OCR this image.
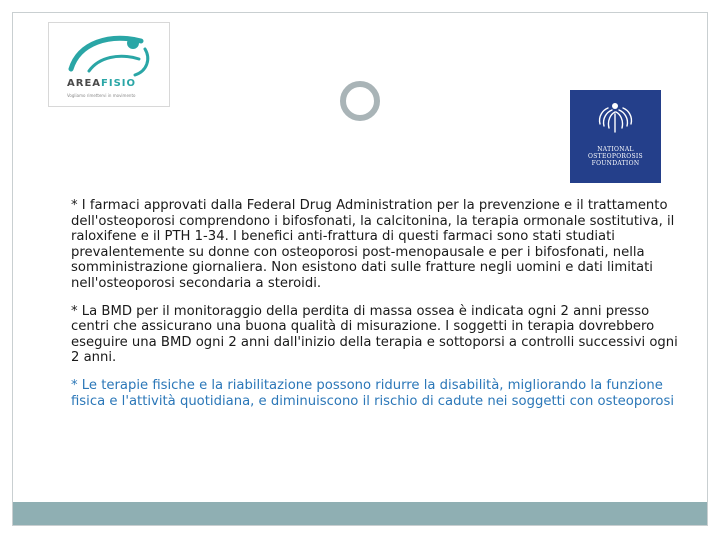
AREAFISIO
Vogliamo rimettervi in movimento
NATIONAL
OSTEOPOROSIS
FOUNDATION

* I farmaci approvati dalla Federal Drug Administration per la prevenzione e il trattamento dell'osteoporosi comprendono i bifosfonati, la calcitonina, la terapia ormonale sostitutiva, il raloxifene e il PTH 1-34. I benefici anti-frattura di questi farmaci sono stati studiati prevalentemente su donne con osteoporosi post-menopausale e per i bifosfonati, nella somministrazione giornaliera. Non esistono dati sulle fratture negli uomini e dati limitati nell'osteoporosi secondaria a steroidi.

* La BMD per il monitoraggio della perdita di massa ossea è indicata ogni 2 anni presso centri che assicurano una buona qualità di misurazione. I soggetti in terapia dovrebbero eseguire una BMD ogni 2 anni dall'inizio della terapia e sottoporsi a controlli successivi ogni 2 anni.

* Le terapie fisiche e la riabilitazione possono ridurre la disabilità, migliorando la funzione fisica e l'attività quotidiana, e diminuiscono il rischio di cadute nei soggetti con osteoporosi
